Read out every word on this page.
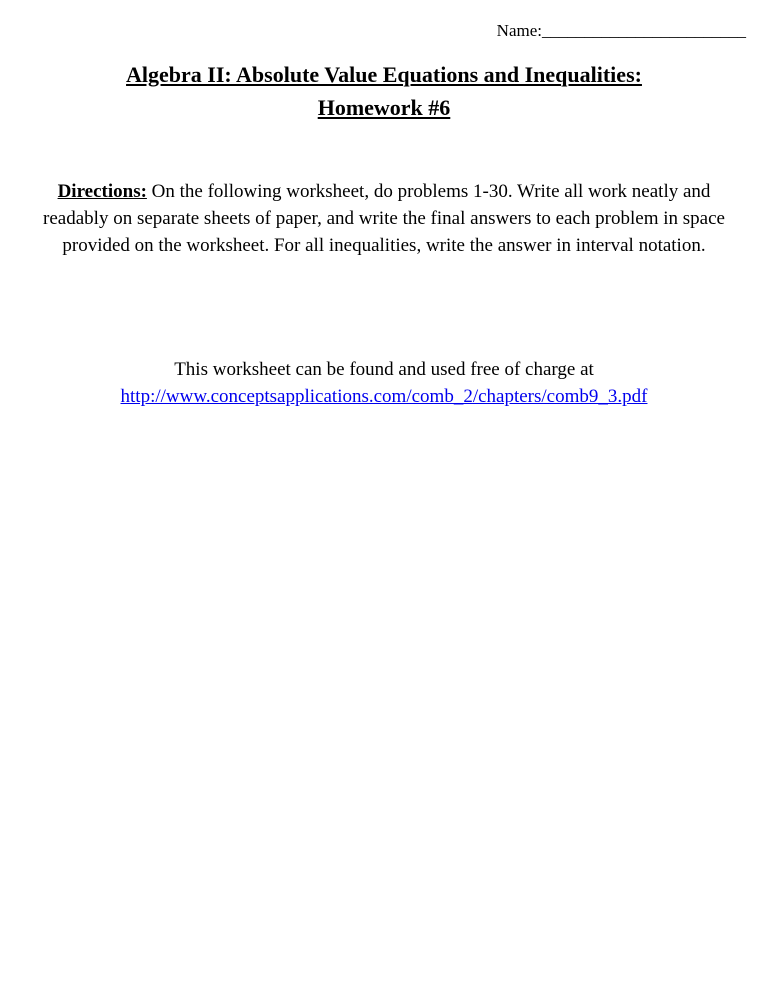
Name:________________________
Algebra II: Absolute Value Equations and Inequalities:
Homework #6
Directions: On the following worksheet, do problems 1-30. Write all work neatly and readably on separate sheets of paper, and write the final answers to each problem in space provided on the worksheet. For all inequalities, write the answer in interval notation.
This worksheet can be found and used free of charge at
http://www.conceptsapplications.com/comb_2/chapters/comb9_3.pdf
